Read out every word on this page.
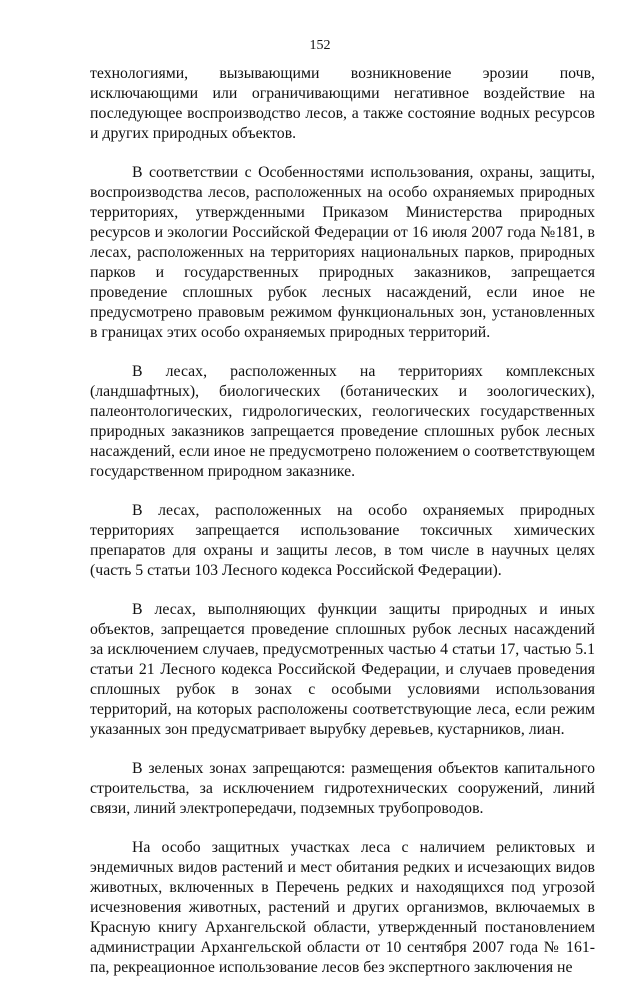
152

технологиями, вызывающими возникновение эрозии почв, исключающими или ограничивающими негативное воздействие на последующее воспроизводство лесов, а также состояние водных ресурсов и других природных объектов.

В соответствии с Особенностями использования, охраны, защиты, воспроизводства лесов, расположенных на особо охраняемых природных территориях, утвержденными Приказом Министерства природных ресурсов и экологии Российской Федерации от 16 июля 2007 года №181, в лесах, расположенных на территориях национальных парков, природных парков и государственных природных заказников, запрещается проведение сплошных рубок лесных насаждений, если иное не предусмотрено правовым режимом функциональных зон, установленных в границах этих особо охраняемых природных территорий.

В лесах, расположенных на территориях комплексных (ландшафтных), биологических (ботанических и зоологических), палеонтологических, гидрологических, геологических государственных природных заказников запрещается проведение сплошных рубок лесных насаждений, если иное не предусмотрено положением о соответствующем государственном природном заказнике.

В лесах, расположенных на особо охраняемых природных территориях запрещается использование токсичных химических препаратов для охраны и защиты лесов, в том числе в научных целях (часть 5 статьи 103 Лесного кодекса Российской Федерации).

В лесах, выполняющих функции защиты природных и иных объектов, запрещается проведение сплошных рубок лесных насаждений за исключением случаев, предусмотренных частью 4 статьи 17, частью 5.1 статьи 21 Лесного кодекса Российской Федерации, и случаев проведения сплошных рубок в зонах с особыми условиями использования территорий, на которых расположены соответствующие леса, если режим указанных зон предусматривает вырубку деревьев, кустарников, лиан.

В зеленых зонах запрещаются: размещения объектов капитального строительства, за исключением гидротехнических сооружений, линий связи, линий электропередачи, подземных трубопроводов.

На особо защитных участках леса с наличием реликтовых и эндемичных видов растений и мест обитания редких и исчезающих видов животных, включенных в Перечень редких и находящихся под угрозой исчезновения животных, растений и других организмов, включаемых в Красную книгу Архангельской области, утвержденный постановлением администрации Архангельской области от 10 сентября 2007 года № 161-па, рекреационное использование лесов без экспертного заключения не
